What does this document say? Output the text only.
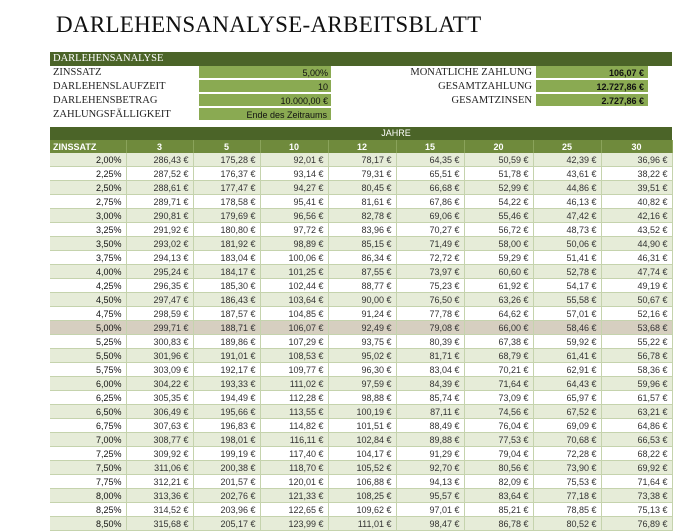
DARLEHENSANALYSE-ARBEITSBLATT
DARLEHENSANALYSE
ZINSSATZ	5,00%	MONATLICHE ZAHLUNG	106,07 €
DARLEHENSLAUFZEIT	10	GESAMTZAHLUNG	12.727,86 €
DARLEHENSBETRAG	10.000,00 €	GESAMTZINSEN	2.727,86 €
ZAHLUNGSFÄLLIGKEIT	Ende des Zeitraums
JAHRE
ZINSSATZ	3	5	10	12	15	20	25	30
2,00%	286,43 €	175,28 €	92,01 €	78,17 €	64,35 €	50,59 €	42,39 €	36,96 €
2,25%	287,52 €	176,37 €	93,14 €	79,31 €	65,51 €	51,78 €	43,61 €	38,22 €
2,50%	288,61 €	177,47 €	94,27 €	80,45 €	66,68 €	52,99 €	44,86 €	39,51 €
2,75%	289,71 €	178,58 €	95,41 €	81,61 €	67,86 €	54,22 €	46,13 €	40,82 €
3,00%	290,81 €	179,69 €	96,56 €	82,78 €	69,06 €	55,46 €	47,42 €	42,16 €
3,25%	291,92 €	180,80 €	97,72 €	83,96 €	70,27 €	56,72 €	48,73 €	43,52 €
3,50%	293,02 €	181,92 €	98,89 €	85,15 €	71,49 €	58,00 €	50,06 €	44,90 €
3,75%	294,13 €	183,04 €	100,06 €	86,34 €	72,72 €	59,29 €	51,41 €	46,31 €
4,00%	295,24 €	184,17 €	101,25 €	87,55 €	73,97 €	60,60 €	52,78 €	47,74 €
4,25%	296,35 €	185,30 €	102,44 €	88,77 €	75,23 €	61,92 €	54,17 €	49,19 €
4,50%	297,47 €	186,43 €	103,64 €	90,00 €	76,50 €	63,26 €	55,58 €	50,67 €
4,75%	298,59 €	187,57 €	104,85 €	91,24 €	77,78 €	64,62 €	57,01 €	52,16 €
5,00%	299,71 €	188,71 €	106,07 €	92,49 €	79,08 €	66,00 €	58,46 €	53,68 €
5,25%	300,83 €	189,86 €	107,29 €	93,75 €	80,39 €	67,38 €	59,92 €	55,22 €
5,50%	301,96 €	191,01 €	108,53 €	95,02 €	81,71 €	68,79 €	61,41 €	56,78 €
5,75%	303,09 €	192,17 €	109,77 €	96,30 €	83,04 €	70,21 €	62,91 €	58,36 €
6,00%	304,22 €	193,33 €	111,02 €	97,59 €	84,39 €	71,64 €	64,43 €	59,96 €
6,25%	305,35 €	194,49 €	112,28 €	98,88 €	85,74 €	73,09 €	65,97 €	61,57 €
6,50%	306,49 €	195,66 €	113,55 €	100,19 €	87,11 €	74,56 €	67,52 €	63,21 €
6,75%	307,63 €	196,83 €	114,82 €	101,51 €	88,49 €	76,04 €	69,09 €	64,86 €
7,00%	308,77 €	198,01 €	116,11 €	102,84 €	89,88 €	77,53 €	70,68 €	66,53 €
7,25%	309,92 €	199,19 €	117,40 €	104,17 €	91,29 €	79,04 €	72,28 €	68,22 €
7,50%	311,06 €	200,38 €	118,70 €	105,52 €	92,70 €	80,56 €	73,90 €	69,92 €
7,75%	312,21 €	201,57 €	120,01 €	106,88 €	94,13 €	82,09 €	75,53 €	71,64 €
8,00%	313,36 €	202,76 €	121,33 €	108,25 €	95,57 €	83,64 €	77,18 €	73,38 €
8,25%	314,52 €	203,96 €	122,65 €	109,62 €	97,01 €	85,21 €	78,85 €	75,13 €
8,50%	315,68 €	205,17 €	123,99 €	111,01 €	98,47 €	86,78 €	80,52 €	76,89 €
